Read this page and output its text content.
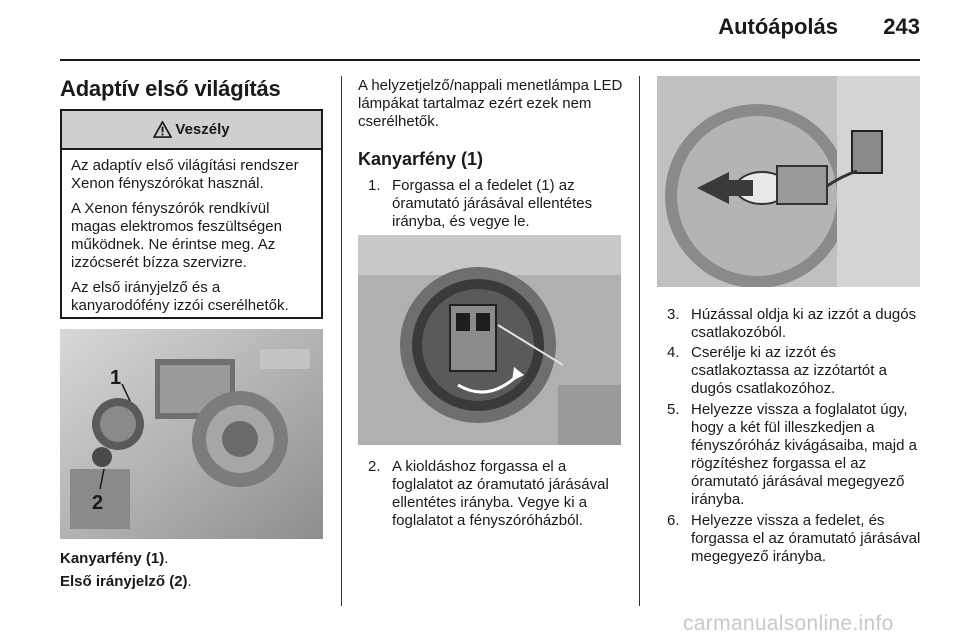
Autóápolás 243
Adaptív első világítás
Veszély

Az adaptív első világítási rendszer Xenon fényszórókat használ.

A Xenon fényszórók rendkívül magas elektromos feszültségen működnek. Ne érintse meg. Az izzócserét bízza szervizre.

Az első irányjelző és a kanyarodófény izzói cserélhetők.

1
2
Kanyarfény (1).
Első irányjelző (2).
A helyzetjelző/nappali menetlámpa LED lámpákat tartalmaz ezért ezek nem cserélhetők.
Kanyarfény (1)
1. Forgassa el a fedelet (1) az óramutató járásával ellentétes irányba, és vegye le.
2. A kioldáshoz forgassa el a foglalatot az óramutató járásával ellentétes irányba. Vegye ki a foglalatot a fényszóróházból.
3. Húzással oldja ki az izzót a dugós csatlakozóból.
4. Cserélje ki az izzót és csatlakoztassa az izzótartót a dugós csatlakozóhoz.
5. Helyezze vissza a foglalatot úgy, hogy a két fül illeszkedjen a fényszóróház kivágásaiba, majd a rögzítéshez forgassa el az óramutató járásával megegyező irányba.
6. Helyezze vissza a fedelet, és forgassa el az óramutató járásával megegyező irányba.
carmanualsonline.info
